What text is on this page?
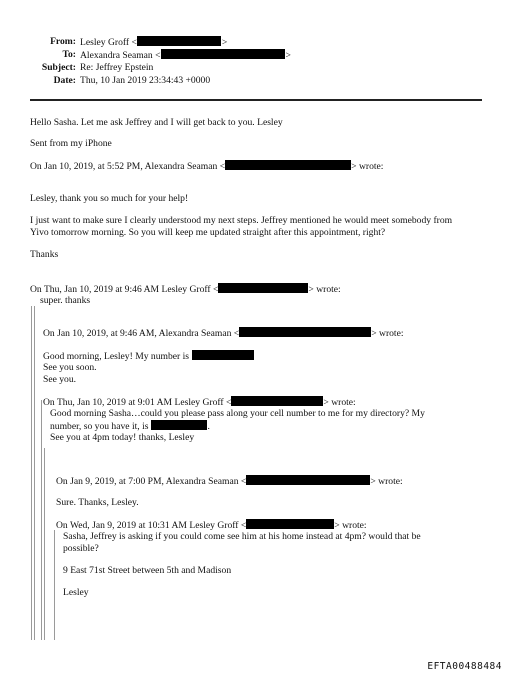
From: Lesley Groff <	>
To: Alexandra Seaman <	>
Subject: Re: Jeffrey Epstein
Date: Thu, 10 Jan 2019 23:34:43 +0000
Hello Sasha. Let me ask Jeffrey and I will get back to you. Lesley
Sent from my iPhone
On Jan 10, 2019, at 5:52 PM, Alexandra Seaman <	> wrote:
Lesley, thank you so much for your help!
I just want to make sure I clearly understood my next steps. Jeffrey mentioned he would meet somebody from
Yivo tomorrow morning. So you will keep me updated straight after this appointment, right?
Thanks
On Thu, Jan 10, 2019 at 9:46 AM Lesley Groff <	> wrote:
super. thanks
On Jan 10, 2019, at 9:46 AM, Alexandra Seaman <	> wrote:
Good morning, Lesley! My number is
See you soon.
See you.
On Thu, Jan 10, 2019 at 9:01 AM Lesley Groff <	> wrote:
Good morning Sasha…could you please pass along your cell number to me for my directory? My
number, so you have it, is	.
See you at 4pm today! thanks, Lesley
On Jan 9, 2019, at 7:00 PM, Alexandra Seaman <	> wrote:
Sure. Thanks, Lesley.
On Wed, Jan 9, 2019 at 10:31 AM Lesley Groff <	> wrote:
Sasha, Jeffrey is asking if you could come see him at his home instead at 4pm? would that be
possible?
9 East 71st Street between 5th and Madison
Lesley
EFTA00488484
